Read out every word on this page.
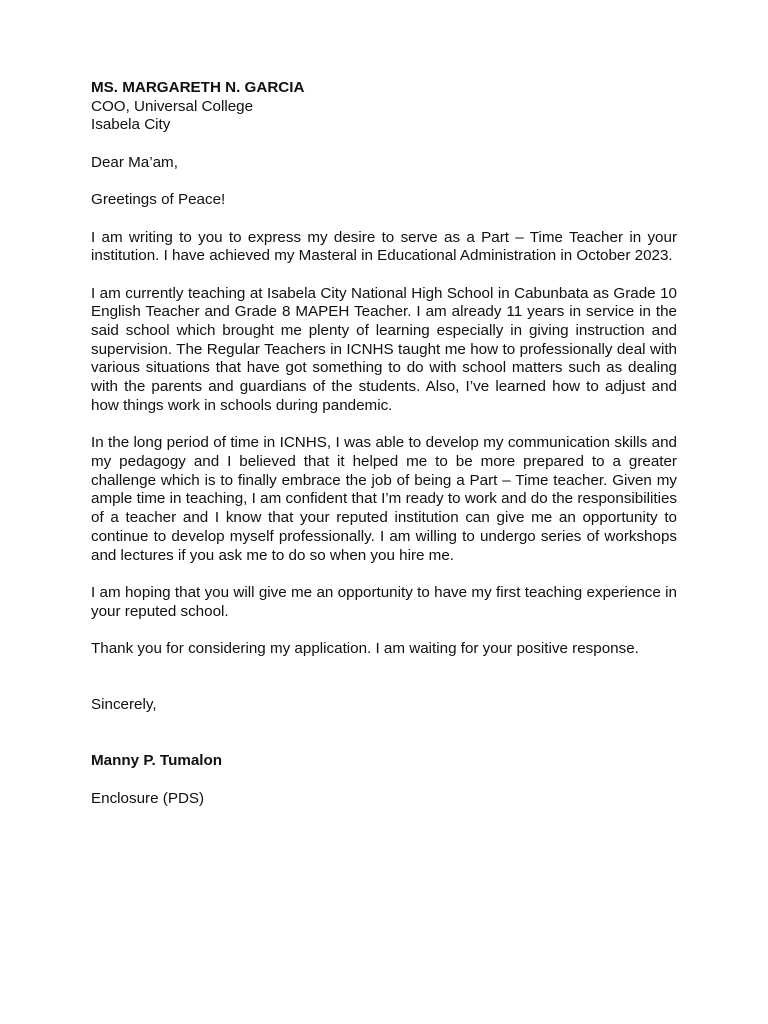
MS. MARGARETH N. GARCIA
COO, Universal College
Isabela City

Dear Ma’am,

Greetings of Peace!

I am writing to you to express my desire to serve as a Part – Time Teacher in your institution. I have achieved my Masteral in Educational Administration in October 2023.

I am currently teaching at Isabela City National High School in Cabunbata as Grade 10 English Teacher and Grade 8 MAPEH Teacher. I am already 11 years in service in the said school which brought me plenty of learning especially in giving instruction and supervision. The Regular Teachers in ICNHS taught me how to professionally deal with various situations that have got something to do with school matters such as dealing with the parents and guardians of the students. Also, I’ve learned how to adjust and how things work in schools during pandemic.

In the long period of time in ICNHS, I was able to develop my communication skills and my pedagogy and I believed that it helped me to be more prepared to a greater challenge which is to finally embrace the job of being a Part – Time teacher. Given my ample time in teaching, I am confident that I’m ready to work and do the responsibilities of a teacher and I know that your reputed institution can give me an opportunity to continue to develop myself professionally. I am willing to undergo series of workshops and lectures if you ask me to do so when you hire me.

I am hoping that you will give me an opportunity to have my first teaching experience in your reputed school.

Thank you for considering my application. I am waiting for your positive response.

Sincerely,

Manny P. Tumalon

Enclosure (PDS)
